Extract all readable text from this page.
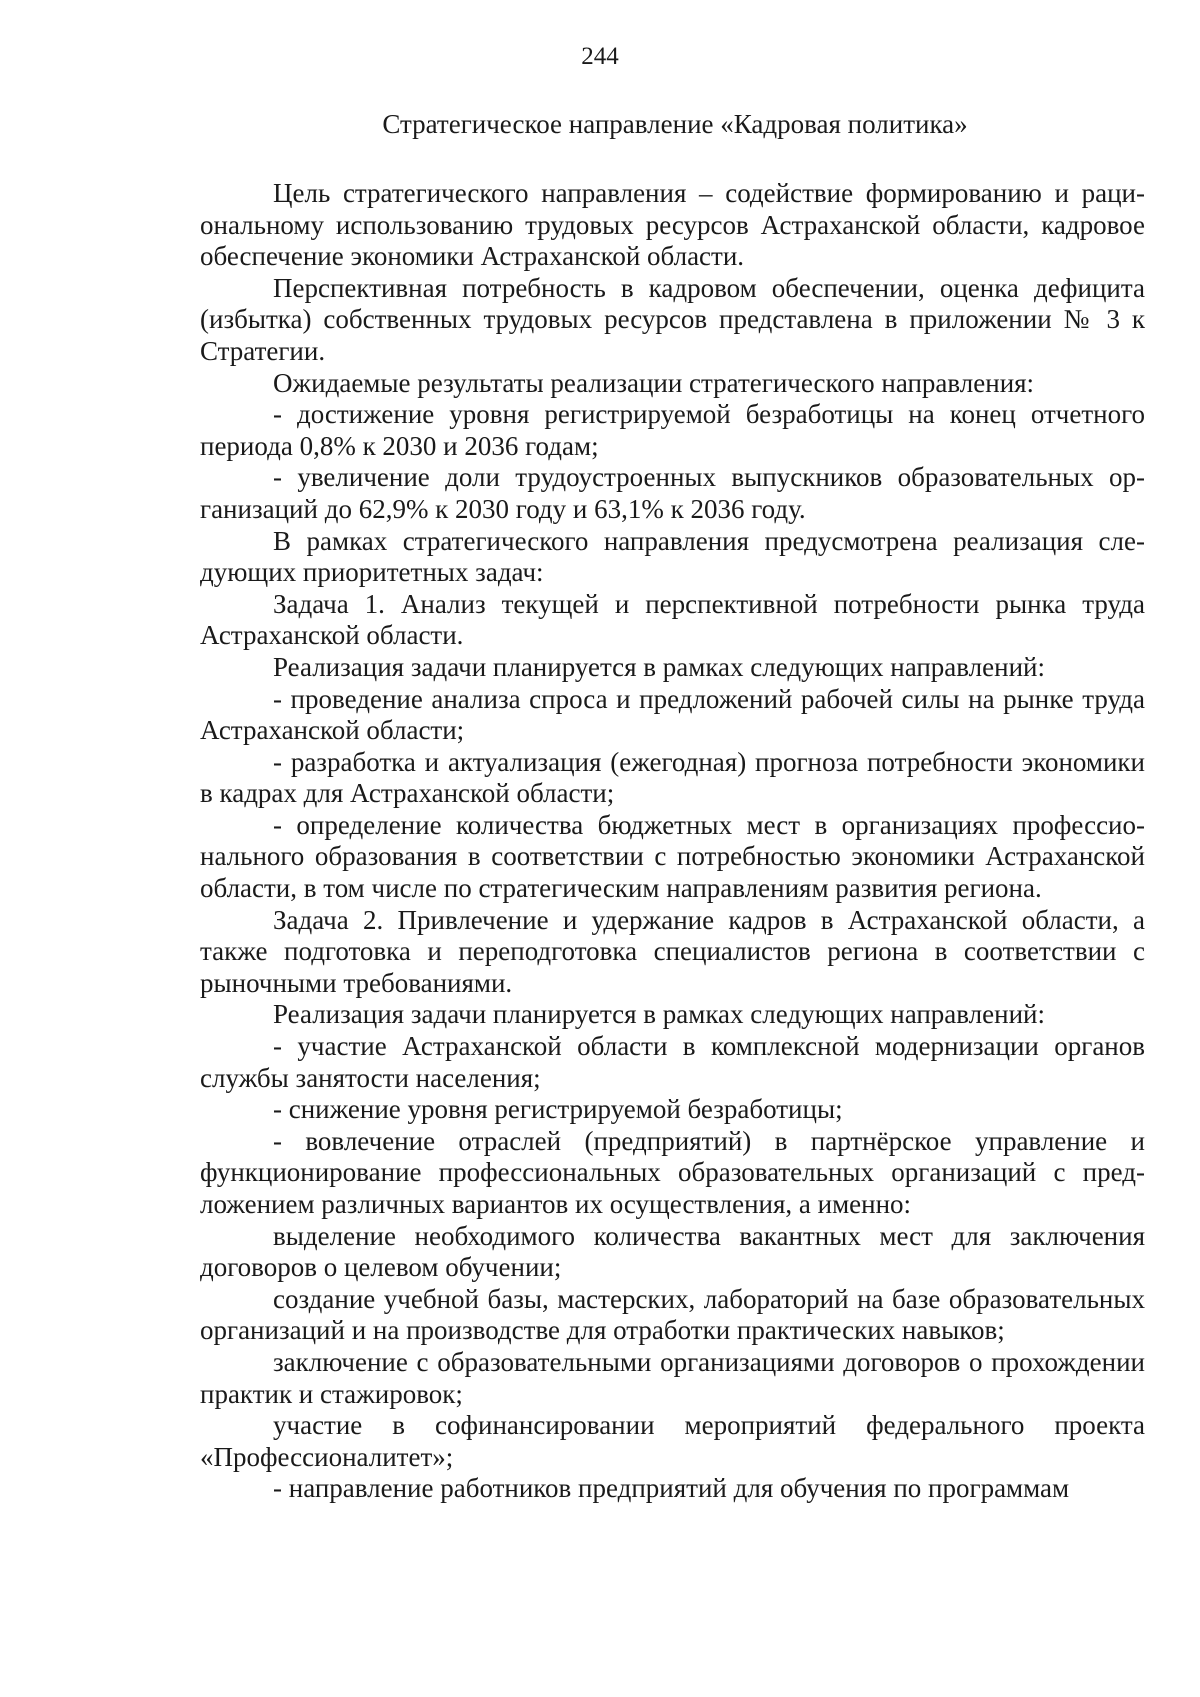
244
Стратегическое направление «Кадровая политика»

Цель стратегического направления – содействие формированию и рациональному использованию трудовых ресурсов Астраханской области, кадровое обеспечение экономики Астраханской области.

Перспективная потребность в кадровом обеспечении, оценка дефицита (избытка) собственных трудовых ресурсов представлена в приложении № 3 к Стратегии.

Ожидаемые результаты реализации стратегического направления:

- достижение уровня регистрируемой безработицы на конец отчетного периода 0,8% к 2030 и 2036 годам;

- увеличение доли трудоустроенных выпускников образовательных организаций до 62,9% к 2030 году и 63,1% к 2036 году.

В рамках стратегического направления предусмотрена реализация следующих приоритетных задач:

Задача 1. Анализ текущей и перспективной потребности рынка труда Астраханской области.

Реализация задачи планируется в рамках следующих направлений:

- проведение анализа спроса и предложений рабочей силы на рынке труда Астраханской области;

- разработка и актуализация (ежегодная) прогноза потребности экономики в кадрах для Астраханской области;

- определение количества бюджетных мест в организациях профессионального образования в соответствии с потребностью экономики Астраханской области, в том числе по стратегическим направлениям развития региона.

Задача 2. Привлечение и удержание кадров в Астраханской области, а также подготовка и переподготовка специалистов региона в соответствии с рыночными требованиями.

Реализация задачи планируется в рамках следующих направлений:

- участие Астраханской области в комплексной модернизации органов службы занятости населения;

- снижение уровня регистрируемой безработицы;

- вовлечение отраслей (предприятий) в партнёрское управление и функционирование профессиональных образовательных организаций с предложением различных вариантов их осуществления, а именно:

выделение необходимого количества вакантных мест для заключения договоров о целевом обучении;

создание учебной базы, мастерских, лабораторий на базе образовательных организаций и на производстве для отработки практических навыков;

заключение с образовательными организациями договоров о прохождении практик и стажировок;

участие в софинансировании мероприятий федерального проекта «Профессионалитет»;

- направление работников предприятий для обучения по программам
